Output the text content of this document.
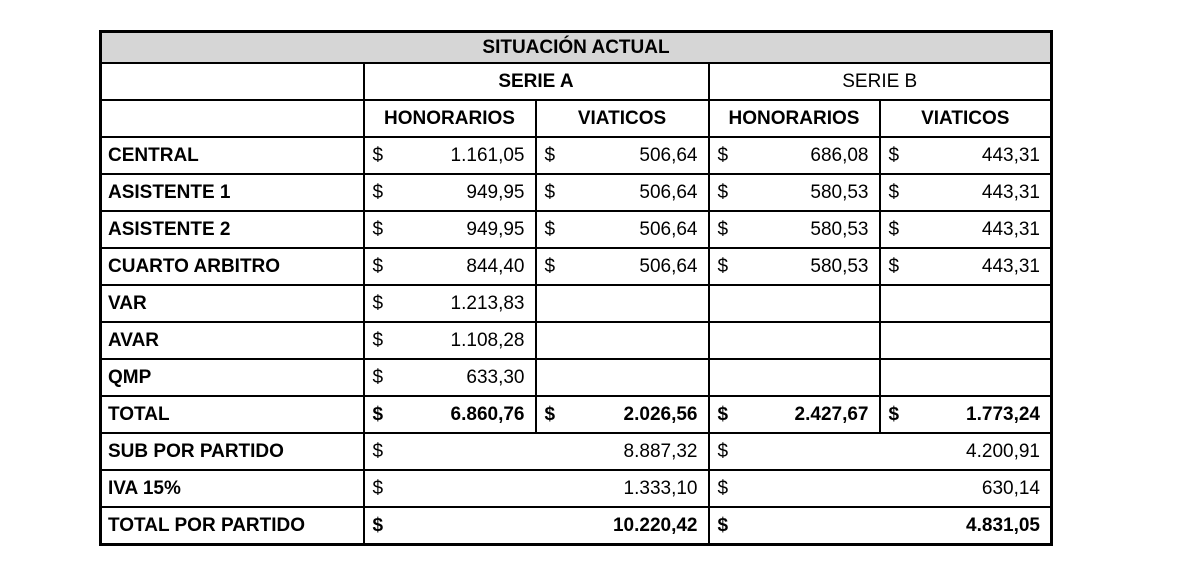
SITUACIÓN ACTUAL				
	SERIE A		SERIE B	
	HONORARIOS	VIATICOS	HONORARIOS	VIATICOS
CENTRAL	$ 1.161,05	$ 506,64	$ 686,08	$ 443,31

ASISTENTE 1	$ 949,95	$ 506,64	$ 580,53	$ 443,31

ASISTENTE 2	$ 949,95	$ 506,64	$ 580,53	$ 443,31

CUARTO ARBITRO	$ 844,40	$ 506,64	$ 580,53	$ 443,31

VAR	$ 1.213,83			

AVAR	$ 1.108,28			

QMP	$ 633,30			

TOTAL	$ 6.860,76	$ 2.026,56	$ 2.427,67	$ 1.773,24

SUB POR PARTIDO	$ 8.887,32		$ 4.200,91	

IVA 15%	$ 1.333,10		$ 630,14	

TOTAL POR PARTIDO	$ 10.220,42		$ 4.831,05	
